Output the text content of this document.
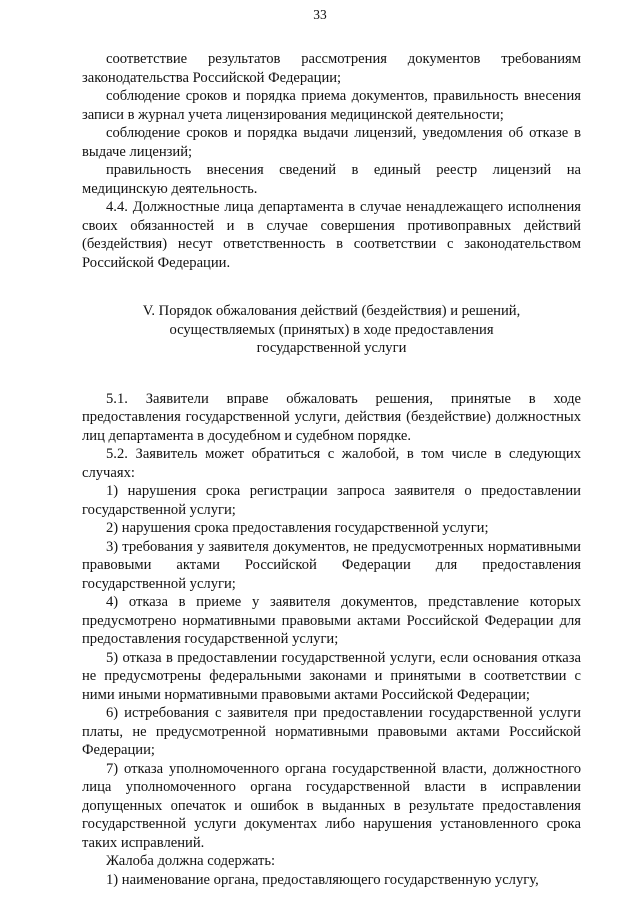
33

соответствие результатов рассмотрения документов требованиям законодательства Российской Федерации;

соблюдение сроков и порядка приема документов, правильность внесения записи в журнал учета лицензирования медицинской деятельности;

соблюдение сроков и порядка выдачи лицензий, уведомления об отказе в выдаче лицензий;

правильность внесения сведений в единый реестр лицензий на медицинскую деятельность.

4.4. Должностные лица департамента в случае ненадлежащего исполнения своих обязанностей и в случае совершения противоправных действий (бездействия) несут ответственность в соответствии с законодательством Российской Федерации.

V. Порядок обжалования действий (бездействия) и решений,
осуществляемых (принятых) в ходе предоставления
государственной услуги

5.1. Заявители вправе обжаловать решения, принятые в ходе предоставления государственной услуги, действия (бездействие) должностных лиц департамента в досудебном и судебном порядке.

5.2. Заявитель может обратиться с жалобой, в том числе в следующих случаях:

1) нарушения срока регистрации запроса заявителя о предоставлении государственной услуги;

2) нарушения срока предоставления государственной услуги;

3) требования у заявителя документов, не предусмотренных нормативными правовыми актами Российской Федерации для предоставления государственной услуги;

4) отказа в приеме у заявителя документов, представление которых предусмотрено нормативными правовыми актами Российской Федерации для предоставления государственной услуги;

5) отказа в предоставлении государственной услуги, если основания отказа не предусмотрены федеральными законами и принятыми в соответствии с ними иными нормативными правовыми актами Российской Федерации;

6) истребования с заявителя при предоставлении государственной услуги платы, не предусмотренной нормативными правовыми актами Российской Федерации;

7) отказа уполномоченного органа государственной власти, должностного лица уполномоченного органа государственной власти в исправлении допущенных опечаток и ошибок в выданных в результате предоставления государственной услуги документах либо нарушения установленного срока таких исправлений.

Жалоба должна содержать:

1) наименование органа, предоставляющего государственную услугу,
